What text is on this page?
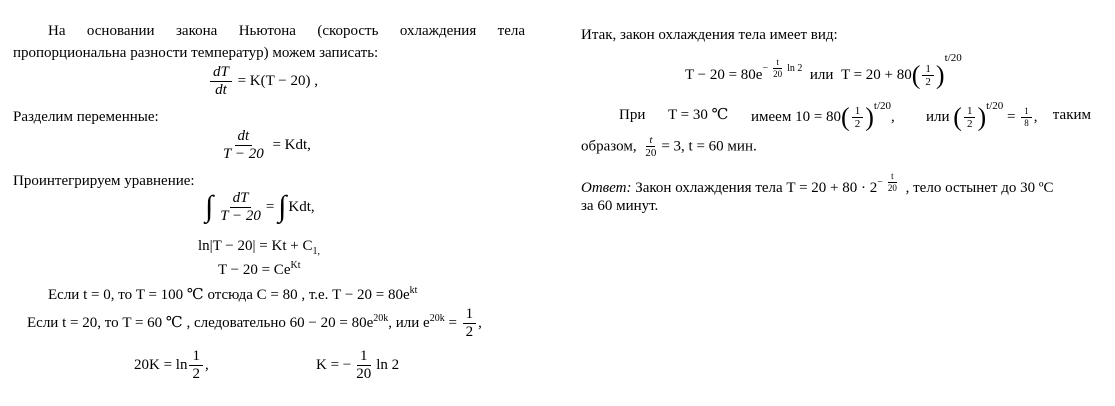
На основании закона Ньютона (скорость охлаждения тела
пропорциональна разности температур) можем записать:
$\frac{dT}{dt} = K(T - 20)$ ,
Разделим переменные:
$\frac{dt}{T - 20}$ = Kdt,
Проинтегрируем уравнение:
∫ $\frac{dT}{T - 20}$ = ∫ Kdt,
$\ln|T - 20| = Kt + C_{1,}$
$T - 20 = Ce^{Kt}$
Если t = 0, то T = 100 ℃ отсюда C = 80 , т.е. $T - 20 = 80e^{kt}$
Если t = 20, то T = 60 ℃ , следовательно $60 - 20 = 80e^{20k}$, или $e^{20k} = \frac{1}{2}$ ,
$20K = \ln \frac{1}{2}$ ,	K = − $\frac{1}{20}$ ln 2
Итак, закон охлаждения тела имеет вид:
$T - 20 = 80e^{- \frac{t}{20} ln 2}$ или $T = 20 + 80( \frac{1}{2} )^{t/20}$
При T = 30 ℃ имеем $10 = 80( \frac{1}{2} )^{t/20}$, или ( $\frac{1}{2} )^{t/20} = \frac{1}{8}$ , таким
образом, $\frac{t}{20} = 3$, t = 60 мин.
Ответ: Закон охлаждения тела $T = 20 + 80 \cdot 2^{- \frac{t}{20}}$ , тело остынет до 30 ºC
за 60 минут.
